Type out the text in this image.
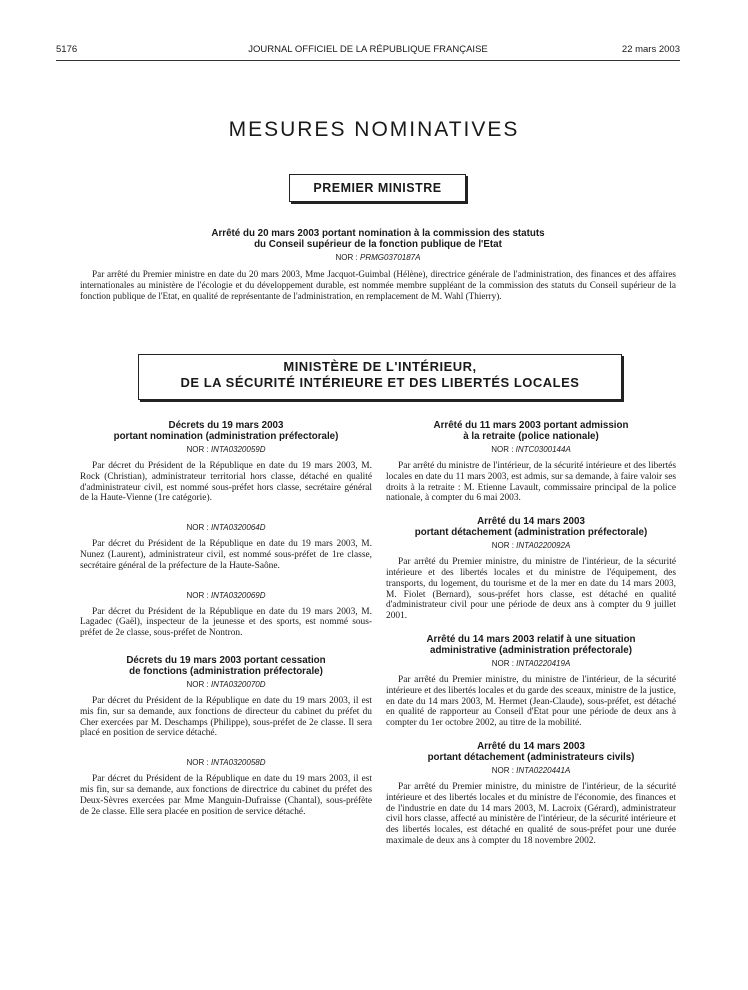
5176	JOURNAL OFFICIEL DE LA RÉPUBLIQUE FRANÇAISE	22 mars 2003
MESURES NOMINATIVES
PREMIER MINISTRE
Arrêté du 20 mars 2003 portant nomination à la commission des statuts
du Conseil supérieur de la fonction publique de l'Etat
NOR : PRMG0370187A

Par arrêté du Premier ministre en date du 20 mars 2003, Mme Jacquot-Guimbal (Hélène), directrice générale de l'administration, des finances et des affaires internationales au ministère de l'écologie et du développement durable, est nommée membre suppléant de la commission des statuts du Conseil supérieur de la fonction publique de l'Etat, en qualité de représentante de l'administration, en remplacement de M. Wahl (Thierry).

MINISTÈRE DE L'INTÉRIEUR,
DE LA SÉCURITÉ INTÉRIEURE ET DES LIBERTÉS LOCALES
Décrets du 19 mars 2003
portant nomination (administration préfectorale)
NOR : INTA0320059D

Par décret du Président de la République en date du 19 mars 2003, M. Rock (Christian), administrateur territorial hors classe, détaché en qualité d'administrateur civil, est nommé sous-préfet hors classe, secrétaire général de la Haute-Vienne (1re catégorie).

NOR : INTA0320064D

Par décret du Président de la République en date du 19 mars 2003, M. Nunez (Laurent), administrateur civil, est nommé sous-préfet de 1re classe, secrétaire général de la préfecture de la Haute-Saône.

NOR : INTA0320069D

Par décret du Président de la République en date du 19 mars 2003, M. Lagadec (Gaël), inspecteur de la jeunesse et des sports, est nommé sous-préfet de 2e classe, sous-préfet de Nontron.

Décrets du 19 mars 2003 portant cessation
de fonctions (administration préfectorale)
NOR : INTA0320070D

Par décret du Président de la République en date du 19 mars 2003, il est mis fin, sur sa demande, aux fonctions de directeur du cabinet du préfet du Cher exercées par M. Deschamps (Philippe), sous-préfet de 2e classe. Il sera placé en position de service détaché.

NOR : INTA0320058D

Par décret du Président de la République en date du 19 mars 2003, il est mis fin, sur sa demande, aux fonctions de directrice du cabinet du préfet des Deux-Sèvres exercées par Mme Manguin-Dufraisse (Chantal), sous-préfète de 2e classe. Elle sera placée en position de service détaché.

Arrêté du 11 mars 2003 portant admission
à la retraite (police nationale)
NOR : INTC0300144A

Par arrêté du ministre de l'intérieur, de la sécurité intérieure et des libertés locales en date du 11 mars 2003, est admis, sur sa demande, à faire valoir ses droits à la retraite : M. Etienne Lavault, commissaire principal de la police nationale, à compter du 6 mai 2003.

Arrêté du 14 mars 2003
portant détachement (administration préfectorale)
NOR : INTA0220092A

Par arrêté du Premier ministre, du ministre de l'intérieur, de la sécurité intérieure et des libertés locales et du ministre de l'équipement, des transports, du logement, du tourisme et de la mer en date du 14 mars 2003, M. Fiolet (Bernard), sous-préfet hors classe, est détaché en qualité d'administrateur civil pour une période de deux ans à compter du 9 juillet 2001.

Arrêté du 14 mars 2003 relatif à une situation
administrative (administration préfectorale)
NOR : INTA0220419A

Par arrêté du Premier ministre, du ministre de l'intérieur, de la sécurité intérieure et des libertés locales et du garde des sceaux, ministre de la justice, en date du 14 mars 2003, M. Hermet (Jean-Claude), sous-préfet, est détaché en qualité de rapporteur au Conseil d'Etat pour une période de deux ans à compter du 1er octobre 2002, au titre de la mobilité.

Arrêté du 14 mars 2003
portant détachement (administrateurs civils)
NOR : INTA0220441A

Par arrêté du Premier ministre, du ministre de l'intérieur, de la sécurité intérieure et des libertés locales et du ministre de l'économie, des finances et de l'industrie en date du 14 mars 2003, M. Lacroix (Gérard), administrateur civil hors classe, affecté au ministère de l'intérieur, de la sécurité intérieure et des libertés locales, est détaché en qualité de sous-préfet pour une durée maximale de deux ans à compter du 18 novembre 2002.
